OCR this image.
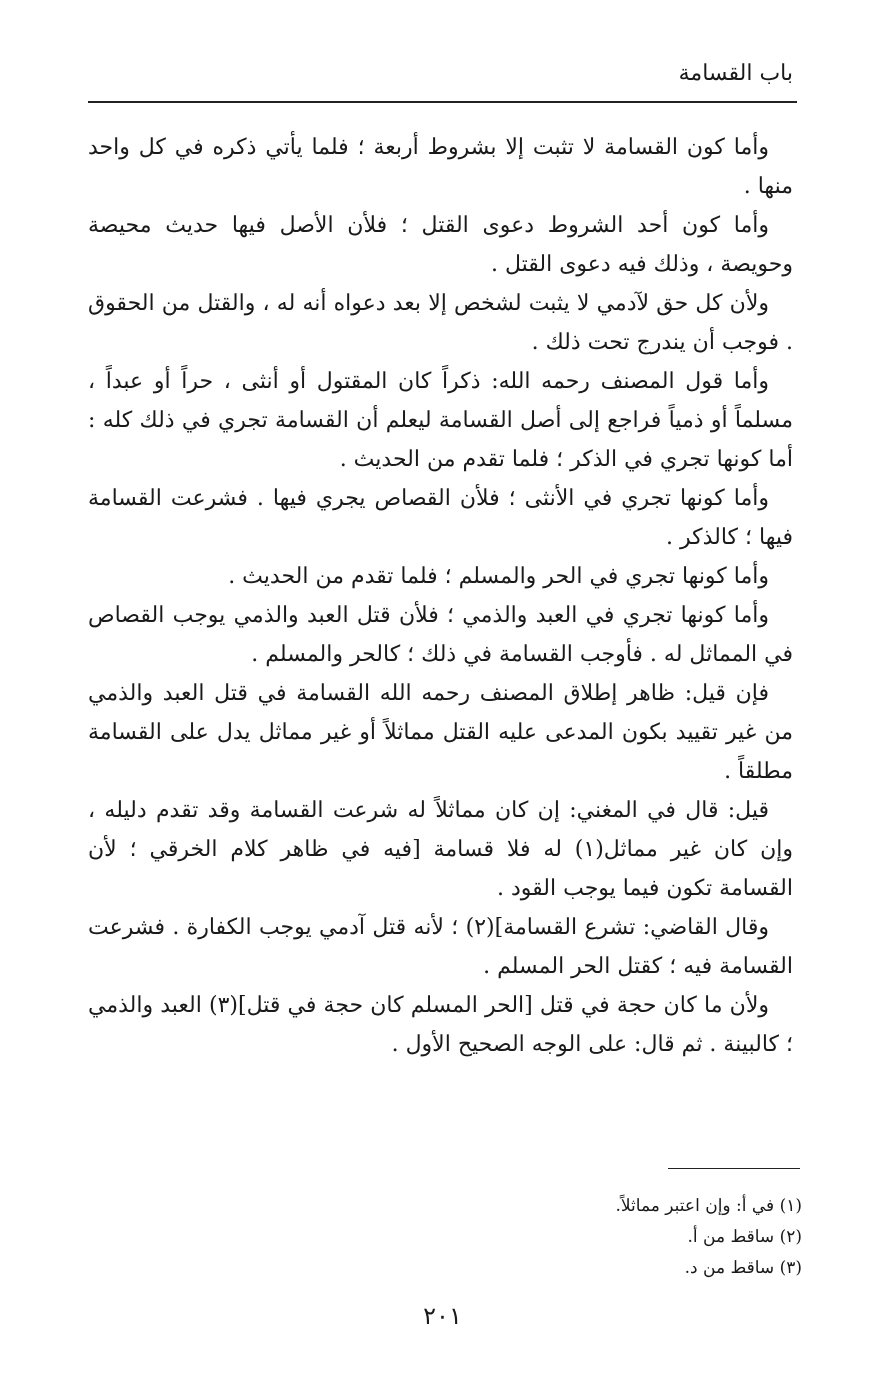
باب القسامة

وأما كون القسامة لا تثبت إلا بشروط أربعة ؛ فلما يأتي ذكره في كل واحد منها .

وأما كون أحد الشروط دعوى القتل ؛ فلأن الأصل فيها حديث محيصة وحويصة ، وذلك فيه دعوى القتل .

ولأن كل حق لآدمي لا يثبت لشخص إلا بعد دعواه أنه له ، والقتل من الحقوق . فوجب أن يندرج تحت ذلك .

وأما قول المصنف رحمه الله: ذكراً كان المقتول أو أنثى ، حراً أو عبداً ، مسلماً أو ذمياً فراجع إلى أصل القسامة ليعلم أن القسامة تجري في ذلك كله : أما كونها تجري في الذكر ؛ فلما تقدم من الحديث .

وأما كونها تجري في الأنثى ؛ فلأن القصاص يجري فيها . فشرعت القسامة فيها ؛ كالذكر .

وأما كونها تجري في الحر والمسلم ؛ فلما تقدم من الحديث .

وأما كونها تجري في العبد والذمي ؛ فلأن قتل العبد والذمي يوجب القصاص في المماثل له . فأوجب القسامة في ذلك ؛ كالحر والمسلم .

فإن قيل: ظاهر إطلاق المصنف رحمه الله القسامة في قتل العبد والذمي من غير تقييد بكون المدعى عليه القتل مماثلاً أو غير مماثل يدل على القسامة مطلقاً .

قيل: قال في المغني: إن كان مماثلاً له شرعت القسامة وقد تقدم دليله ، وإن كان غير مماثل(١) له فلا قسامة [فيه في ظاهر كلام الخرقي ؛ لأن القسامة تكون فيما يوجب القود .

وقال القاضي: تشرع القسامة](٢) ؛ لأنه قتل آدمي يوجب الكفارة . فشرعت القسامة فيه ؛ كقتل الحر المسلم .

ولأن ما كان حجة في قتل [الحر المسلم كان حجة في قتل](٣) العبد والذمي ؛ كالبينة . ثم قال: على الوجه الصحيح الأول .

(١) في أ: وإن اعتبر مماثلاً.
(٢) ساقط من أ.
(٣) ساقط من د.
٢٠١
